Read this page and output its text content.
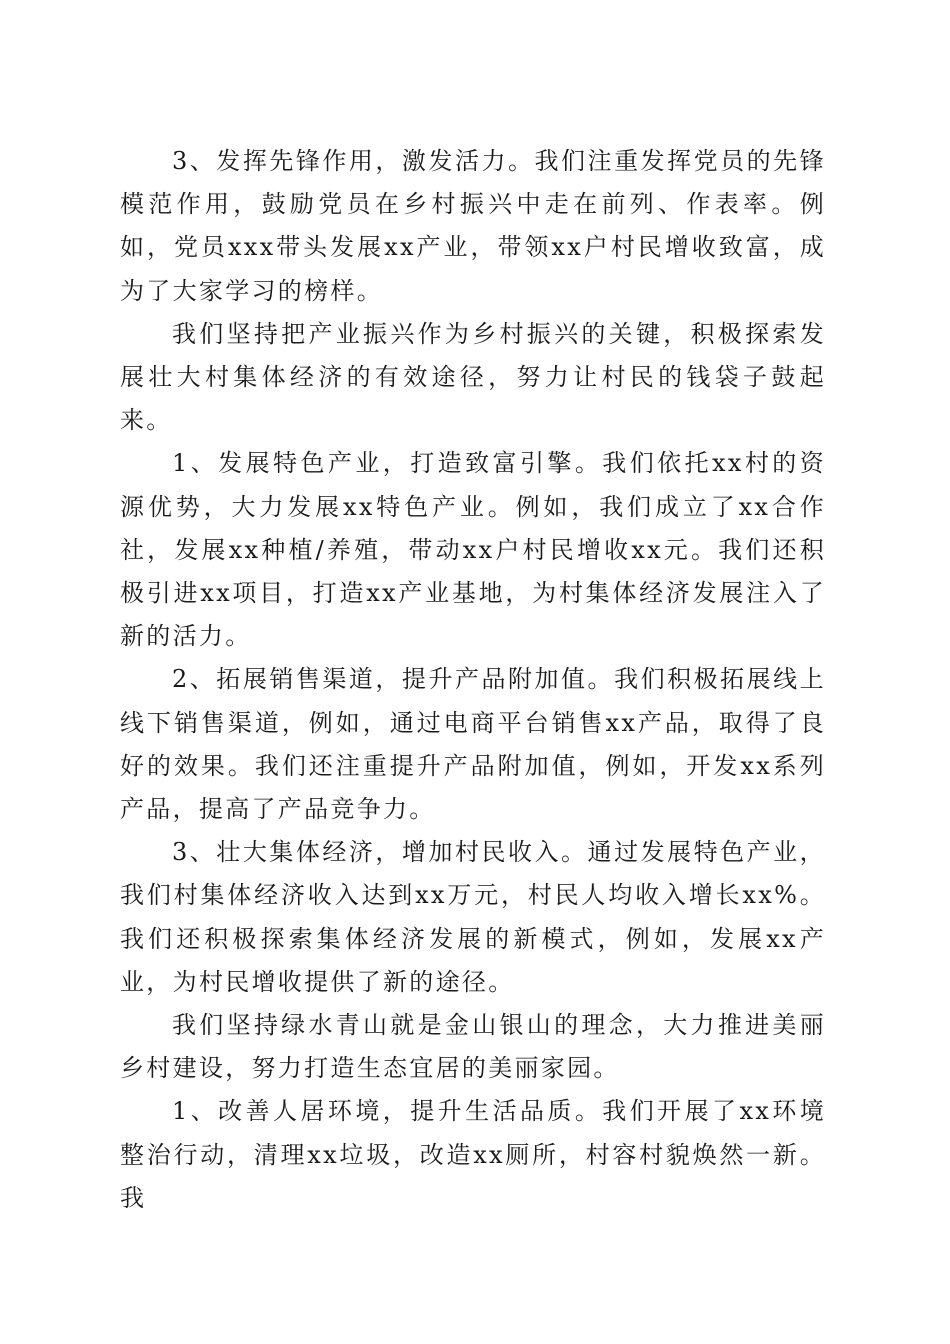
3、发挥先锋作用，激发活力。我们注重发挥党员的先锋模范作用，鼓励党员在乡村振兴中走在前列、作表率。例如，党员xxx带头发展xx产业，带领xx户村民增收致富，成为了大家学习的榜样。

我们坚持把产业振兴作为乡村振兴的关键，积极探索发展壮大村集体经济的有效途径，努力让村民的钱袋子鼓起来。

1、发展特色产业，打造致富引擎。我们依托xx村的资源优势，大力发展xx特色产业。例如，我们成立了xx合作社，发展xx种植/养殖，带动xx户村民增收xx元。我们还积极引进xx项目，打造xx产业基地，为村集体经济发展注入了新的活力。

2、拓展销售渠道，提升产品附加值。我们积极拓展线上线下销售渠道，例如，通过电商平台销售xx产品，取得了良好的效果。我们还注重提升产品附加值，例如，开发xx系列产品，提高了产品竞争力。

3、壮大集体经济，增加村民收入。通过发展特色产业，我们村集体经济收入达到xx万元，村民人均收入增长xx%。我们还积极探索集体经济发展的新模式，例如，发展xx产业，为村民增收提供了新的途径。

我们坚持绿水青山就是金山银山的理念，大力推进美丽乡村建设，努力打造生态宜居的美丽家园。

1、改善人居环境，提升生活品质。我们开展了xx环境整治行动，清理xx垃圾，改造xx厕所，村容村貌焕然一新。我
